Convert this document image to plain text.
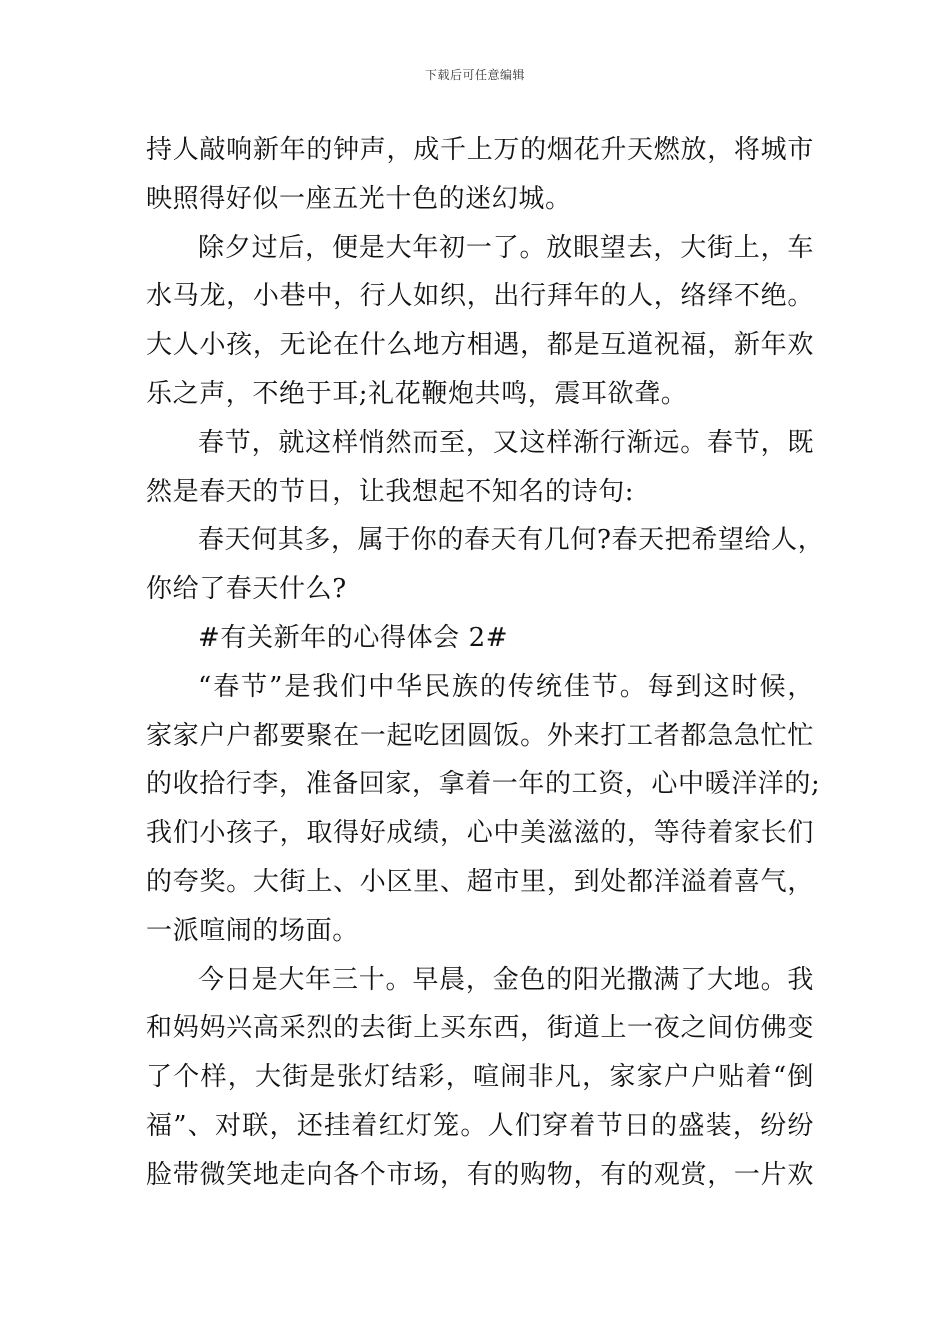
下载后可任意编辑
持人敲响新年的钟声，成千上万的烟花升天燃放，将城市
映照得好似一座五光十色的迷幻城。
除夕过后，便是大年初一了。放眼望去，大街上，车
水马龙，小巷中，行人如织，出行拜年的人，络绎不绝。
大人小孩，无论在什么地方相遇，都是互道祝福，新年欢
乐之声，不绝于耳;礼花鞭炮共鸣，震耳欲聋。
春节，就这样悄然而至，又这样渐行渐远。春节，既
然是春天的节日，让我想起不知名的诗句:
春天何其多，属于你的春天有几何?春天把希望给人，
你给了春天什么?
#有关新年的心得体会 2#
“春节”是我们中华民族的传统佳节。每到这时候，
家家户户都要聚在一起吃团圆饭。外来打工者都急急忙忙
的收拾行李，准备回家，拿着一年的工资，心中暖洋洋的;
我们小孩子，取得好成绩，心中美滋滋的，等待着家长们
的夸奖。大街上、小区里、超市里，到处都洋溢着喜气，
一派喧闹的场面。
今日是大年三十。早晨，金色的阳光撒满了大地。我
和妈妈兴高采烈的去街上买东西，街道上一夜之间仿佛变
了个样，大街是张灯结彩，喧闹非凡，家家户户贴着“倒
福”、对联，还挂着红灯笼。人们穿着节日的盛装，纷纷
脸带微笑地走向各个市场，有的购物，有的观赏，一片欢
